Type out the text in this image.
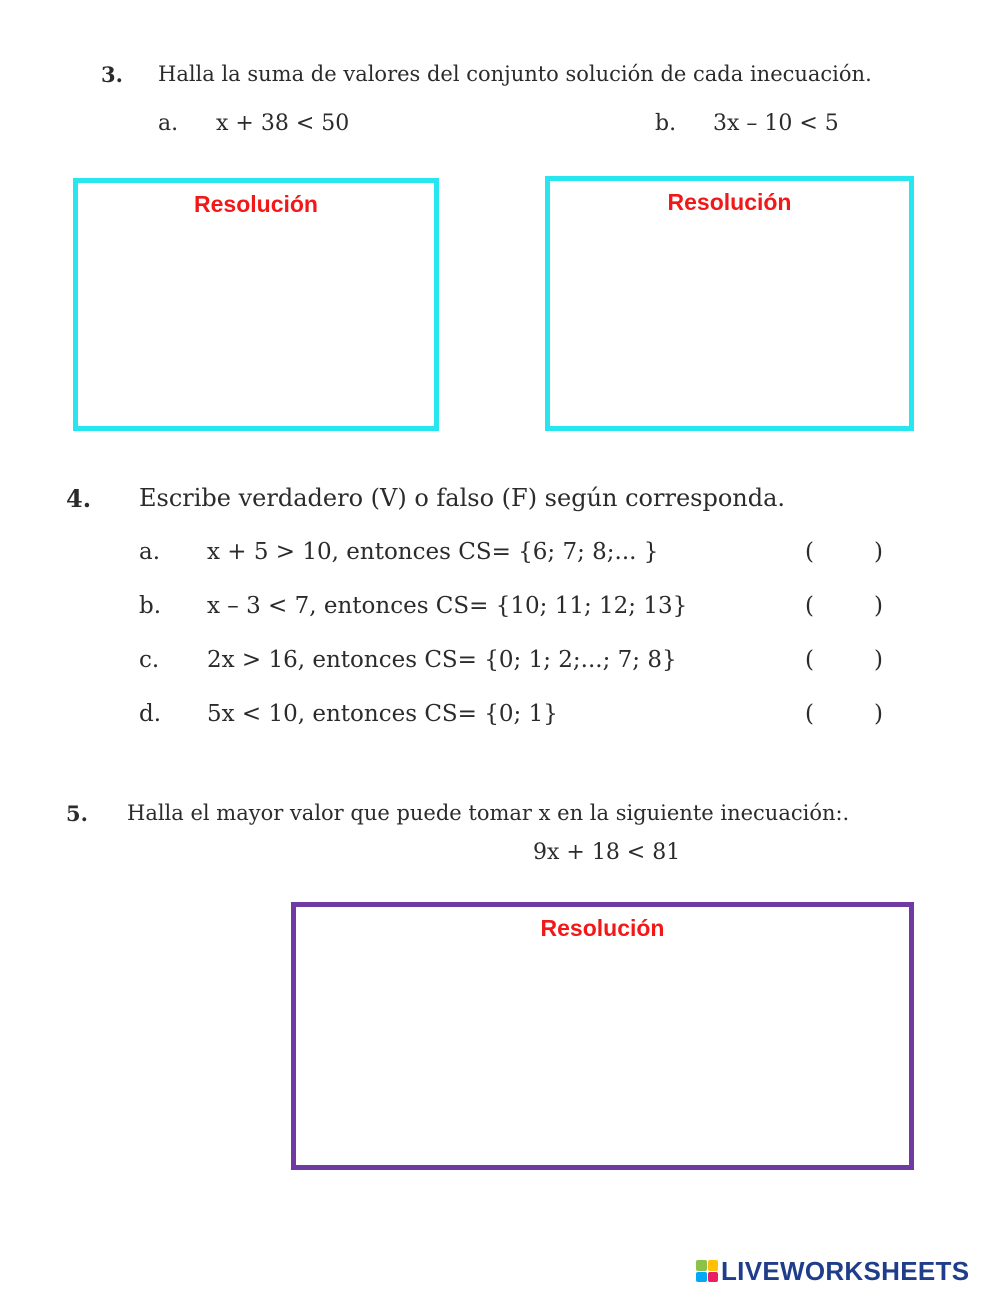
3. Halla la suma de valores del conjunto solución de cada inecuación.
a. x + 38 < 50	b. 3x – 10 < 5
Resolución	Resolución
4. Escribe verdadero (V) o falso (F) según corresponda.
a. x + 5 > 10, entonces CS= {6; 7; 8;... }	(	)
b. x – 3 < 7, entonces CS= {10; 11; 12; 13}	(	)
c. 2x > 16, entonces CS= {0; 1; 2;...; 7; 8}	(	)
d. 5x < 10, entonces CS= {0; 1}	(	)
5. Halla el mayor valor que puede tomar x en la siguiente inecuación:.
9x + 18 < 81
Resolución
LIVEWORKSHEETS
